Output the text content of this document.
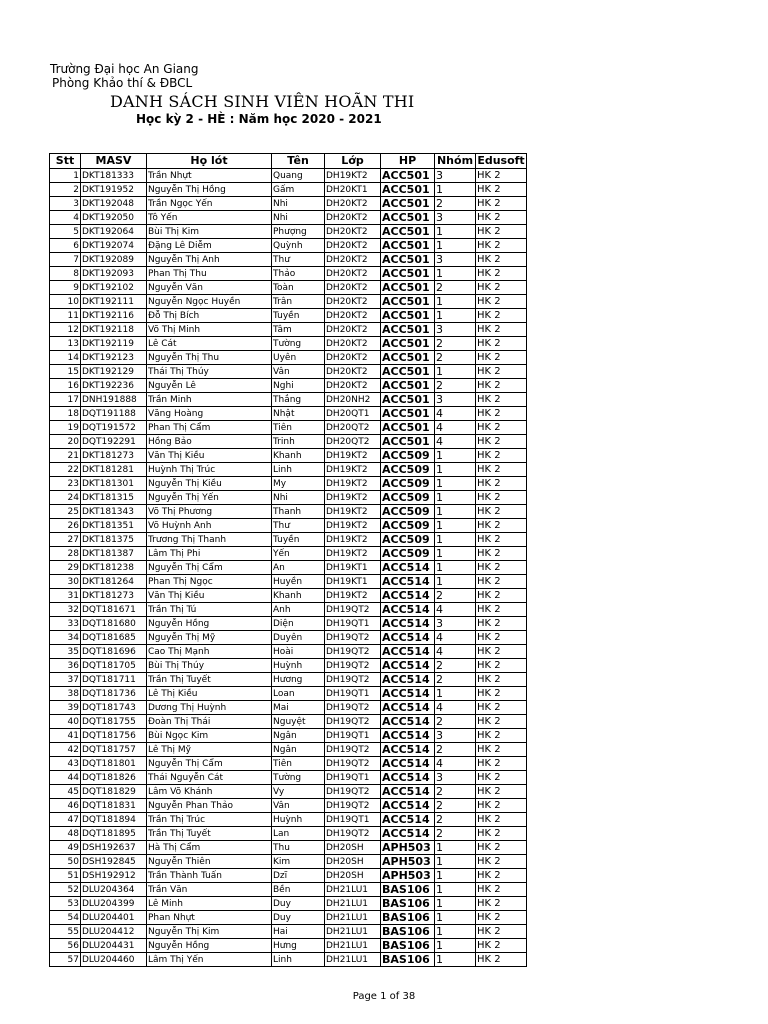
Trường Đại học An Giang
Phòng Khảo thí & ĐBCL
DANH SÁCH SINH VIÊN HOÃN THI
Học kỳ 2 - HÈ : Năm học 2020 - 2021
Stt	MASV	Họ lót	Tên	Lớp	HP	Nhóm	Edusoft
1	DKT181333	Trần Nhựt	Quang	DH19KT2	ACC501	3	HK 2
2	DKT191952	Nguyễn Thị Hồng	Gấm	DH20KT1	ACC501	1	HK 2
3	DKT192048	Trần Ngọc Yến	Nhi	DH20KT2	ACC501	2	HK 2
4	DKT192050	Tô Yến	Nhi	DH20KT2	ACC501	3	HK 2
5	DKT192064	Bùi Thị Kim	Phượng	DH20KT2	ACC501	1	HK 2
6	DKT192074	Đặng Lê Diễm	Quỳnh	DH20KT2	ACC501	1	HK 2
7	DKT192089	Nguyễn Thị Anh	Thư	DH20KT2	ACC501	3	HK 2
8	DKT192093	Phan Thị Thu	Thảo	DH20KT2	ACC501	1	HK 2
9	DKT192102	Nguyễn Văn	Toàn	DH20KT2	ACC501	2	HK 2
10	DKT192111	Nguyễn Ngọc Huyền	Trân	DH20KT2	ACC501	1	HK 2
11	DKT192116	Đỗ Thị Bích	Tuyền	DH20KT2	ACC501	1	HK 2
12	DKT192118	Võ Thị Minh	Tâm	DH20KT2	ACC501	3	HK 2
13	DKT192119	Lê Cát	Tường	DH20KT2	ACC501	2	HK 2
14	DKT192123	Nguyễn Thị Thu	Uyên	DH20KT2	ACC501	2	HK 2
15	DKT192129	Thái Thị Thúy	Vân	DH20KT2	ACC501	1	HK 2
16	DKT192236	Nguyễn Lê	Nghi	DH20KT2	ACC501	2	HK 2
17	DNH191888	Trần Minh	Thắng	DH20NH2	ACC501	3	HK 2
18	DQT191188	Văng Hoàng	Nhật	DH20QT1	ACC501	4	HK 2
19	DQT191572	Phan Thị Cẩm	Tiên	DH20QT2	ACC501	4	HK 2
20	DQT192291	Hồng Bảo	Trinh	DH20QT2	ACC501	4	HK 2
21	DKT181273	Văn Thị Kiều	Khanh	DH19KT2	ACC509	1	HK 2
22	DKT181281	Huỳnh Thị Trúc	Linh	DH19KT2	ACC509	1	HK 2
23	DKT181301	Nguyễn Thị Kiều	My	DH19KT2	ACC509	1	HK 2
24	DKT181315	Nguyễn Thị Yến	Nhi	DH19KT2	ACC509	1	HK 2
25	DKT181343	Võ Thị Phương	Thanh	DH19KT2	ACC509	1	HK 2
26	DKT181351	Võ Huỳnh Anh	Thư	DH19KT2	ACC509	1	HK 2
27	DKT181375	Trương Thị Thanh	Tuyền	DH19KT2	ACC509	1	HK 2
28	DKT181387	Lâm Thị Phi	Yến	DH19KT2	ACC509	1	HK 2
29	DKT181238	Nguyễn Thị Cẩm	An	DH19KT1	ACC514	1	HK 2
30	DKT181264	Phan Thị Ngọc	Huyền	DH19KT1	ACC514	1	HK 2
31	DKT181273	Văn Thị Kiều	Khanh	DH19KT2	ACC514	2	HK 2
32	DQT181671	Trần Thị Tú	Anh	DH19QT2	ACC514	4	HK 2
33	DQT181680	Nguyễn Hồng	Diện	DH19QT1	ACC514	3	HK 2
34	DQT181685	Nguyễn Thị Mỹ	Duyên	DH19QT2	ACC514	4	HK 2
35	DQT181696	Cao Thị Mạnh	Hoài	DH19QT2	ACC514	4	HK 2
36	DQT181705	Bùi Thị Thúy	Huỳnh	DH19QT2	ACC514	2	HK 2
37	DQT181711	Trần Thị Tuyết	Hương	DH19QT2	ACC514	2	HK 2
38	DQT181736	Lê Thị Kiều	Loan	DH19QT1	ACC514	1	HK 2
39	DQT181743	Dương Thị Huỳnh	Mai	DH19QT2	ACC514	4	HK 2
40	DQT181755	Đoàn Thị Thái	Nguyệt	DH19QT2	ACC514	2	HK 2
41	DQT181756	Bùi Ngọc Kim	Ngân	DH19QT1	ACC514	3	HK 2
42	DQT181757	Lê Thị Mỹ	Ngân	DH19QT2	ACC514	2	HK 2
43	DQT181801	Nguyễn Thị Cẩm	Tiên	DH19QT2	ACC514	4	HK 2
44	DQT181826	Thái Nguyễn Cát	Tường	DH19QT1	ACC514	3	HK 2
45	DQT181829	Lâm Võ Khánh	Vy	DH19QT2	ACC514	2	HK 2
46	DQT181831	Nguyễn Phan Thảo	Vân	DH19QT2	ACC514	2	HK 2
47	DQT181894	Trần Thị Trúc	Huỳnh	DH19QT1	ACC514	2	HK 2
48	DQT181895	Trần Thị Tuyết	Lan	DH19QT2	ACC514	2	HK 2
49	DSH192637	Hà Thị Cẩm	Thu	DH20SH	APH503	1	HK 2
50	DSH192845	Nguyễn Thiên	Kim	DH20SH	APH503	1	HK 2
51	DSH192912	Trần Thành Tuấn	Dzĩ	DH20SH	APH503	1	HK 2
52	DLU204364	Trần Văn	Bền	DH21LU1	BAS106	1	HK 2
53	DLU204399	Lê Minh	Duy	DH21LU1	BAS106	1	HK 2
54	DLU204401	Phan Nhựt	Duy	DH21LU1	BAS106	1	HK 2
55	DLU204412	Nguyễn Thị Kim	Hai	DH21LU1	BAS106	1	HK 2
56	DLU204431	Nguyễn Hồng	Hưng	DH21LU1	BAS106	1	HK 2
57	DLU204460	Lâm Thị Yến	Linh	DH21LU1	BAS106	1	HK 2
Page 1 of 38
